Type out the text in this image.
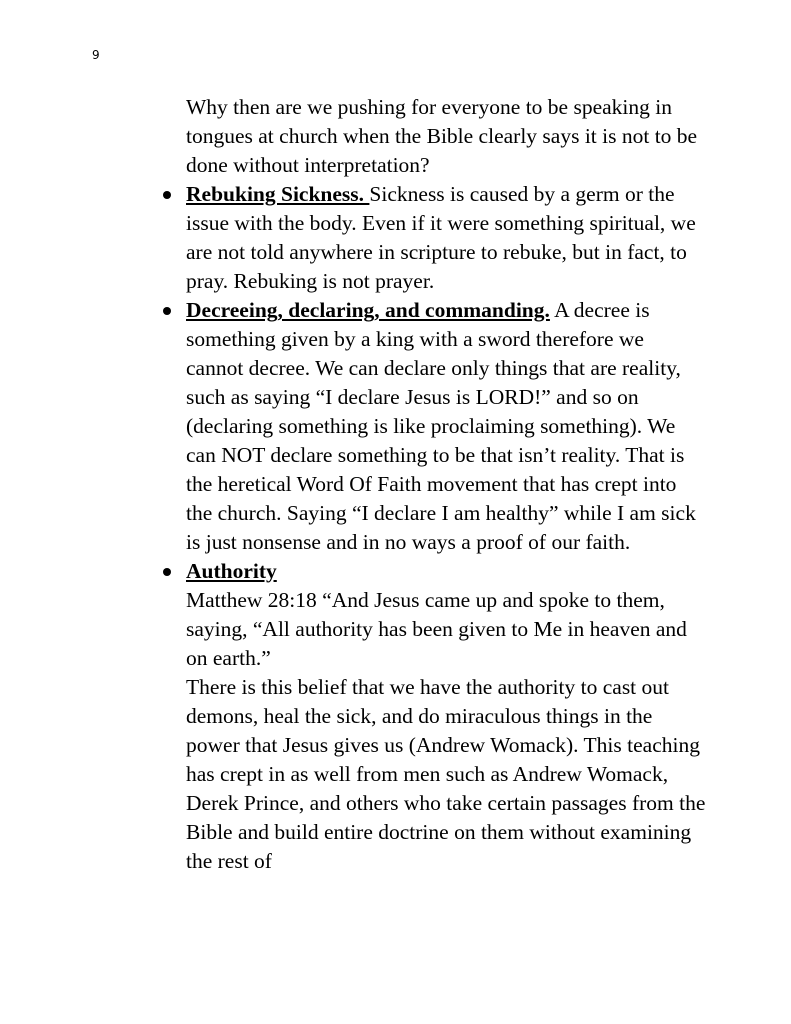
9

Why then are we pushing for everyone to be speaking in tongues at church when the Bible clearly says it is not to be done without interpretation?

Rebuking Sickness. Sickness is caused by a germ or the issue with the body. Even if it were something spiritual, we are not told anywhere in scripture to rebuke, but in fact, to pray. Rebuking is not prayer.
Decreeing, declaring, and commanding. A decree is something given by a king with a sword therefore we cannot decree. We can declare only things that are reality, such as saying “I declare Jesus is LORD!” and so on (declaring something is like proclaiming something). We can NOT declare something to be that isn’t reality. That is the heretical Word Of Faith movement that has crept into the church. Saying “I declare I am healthy” while I am sick is just nonsense and in no ways a proof of our faith.
Authority

Matthew 28:18 “And Jesus came up and spoke to them, saying, “All authority has been given to Me in heaven and on earth.”

There is this belief that we have the authority to cast out demons, heal the sick, and do miraculous things in the power that Jesus gives us (Andrew Womack). This teaching has crept in as well from men such as Andrew Womack, Derek Prince, and others who take certain passages from the Bible and build entire doctrine on them without examining the rest of
